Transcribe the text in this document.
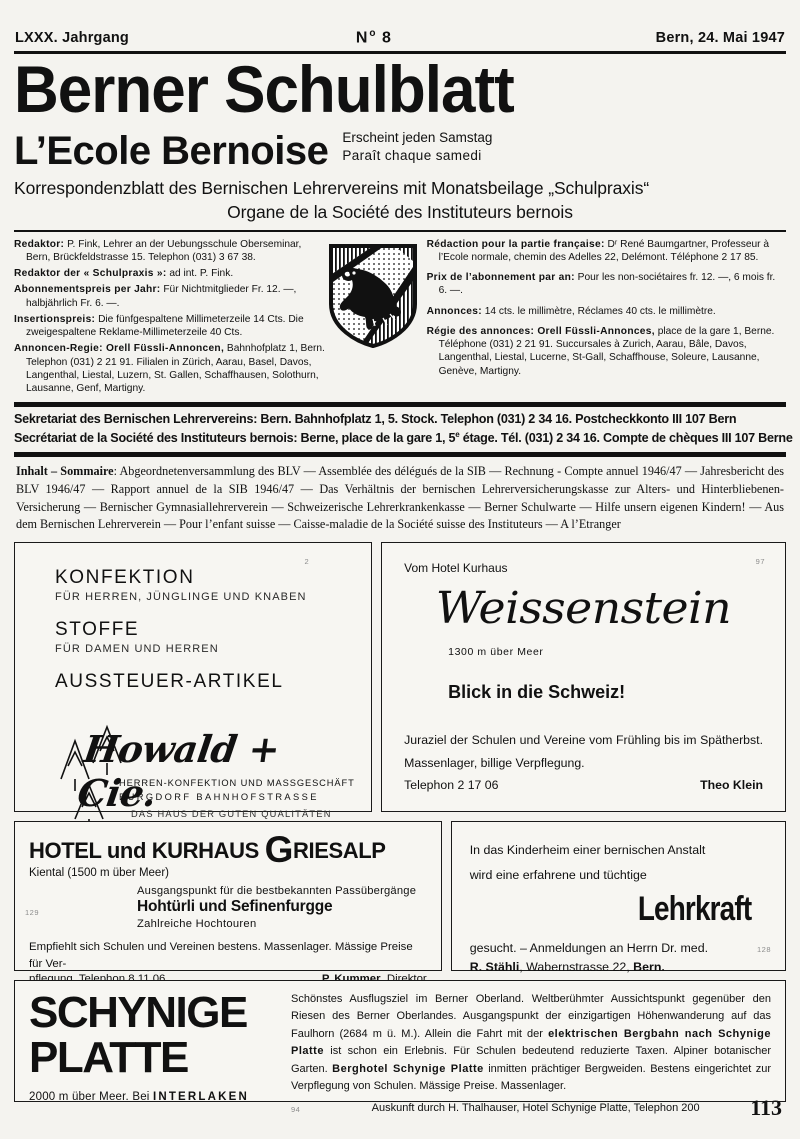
LXXX. Jahrgang	$N^o$ 8	Bern, 24. Mai 1947
Berner Schulblatt
L’Ecole Bernoise Erscheint jeden Samstag
Paraît chaque samedi
Korrespondenzblatt des Bernischen Lehrervereins mit Monatsbeilage „Schulpraxis“
Organe de la Société des Instituteurs bernois

Redaktor: P. Fink, Lehrer an der Uebungsschule Oberseminar, Bern, Brückfeldstrasse 15. Telephon (031) 3 67 38.

Redaktor der « Schulpraxis »: ad int. P. Fink.

Abonnementspreis per Jahr: Für Nichtmitglieder Fr. 12. —, halbjährlich Fr. 6. —.

Insertionspreis: Die fünfgespaltene Millimeterzeile 14 Cts. Die zweigespaltene Reklame-Millimeterzeile 40 Cts.

Annoncen-Regie: Orell Füssli-Annoncen, Bahnhofplatz 1, Bern. Telephon (031) 2 21 91. Filialen in Zürich, Aarau, Basel, Davos, Langenthal, Liestal, Luzern, St. Gallen, Schaffhausen, Solothurn, Lausanne, Genf, Martigny.

Rédaction pour la partie française: Dʳ René Baumgartner, Professeur à l’Ecole normale, chemin des Adelles 22, Delémont. Téléphone 2 17 85.

Prix de l’abonnement par an: Pour les non-sociétaires fr. 12. —, 6 mois fr. 6. —.

Annonces: 14 cts. le millimètre, Réclames 40 cts. le millimètre.

Régie des annonces: Orell Füssli-Annonces, place de la gare 1, Berne. Téléphone (031) 2 21 91. Succursales à Zurich, Aarau, Bâle, Davos, Langenthal, Liestal, Lucerne, St-Gall, Schaffhouse, Soleure, Lausanne, Genève, Martigny.

Sekretariat des Bernischen Lehrervereins: Bern. Bahnhofplatz 1, 5. Stock. Telephon (031) 2 34 16. Postcheckkonto III 107 Bern
Secrétariat de la Société des Instituteurs bernois: Berne, place de la gare 1, 5e étage. Tél. (031) 2 34 16. Compte de chèques III 107 Berne
Inhalt – Sommaire: Abgeordnetenversammlung des BLV — Assemblée des délégués de la SIB — Rechnung - Compte annuel 1946/47 — Jahresbericht des BLV 1946/47 — Rapport annuel de la SIB 1946/47 — Das Verhältnis der bernischen Lehrerversicherungskasse zur Alters- und Hinterbliebenen-Versicherung — Bernischer Gymnasiallehrerverein — Schweizerische Lehrerkrankenkasse — Berner Schulwarte — Hilfe unsern eigenen Kindern! — Aus dem Bernischen Lehrerverein — Pour l’enfant suisse — Caisse-maladie de la Société suisse des Instituteurs — A l’Etranger
2
KONFEKTION
FÜR HERREN, JÜNGLINGE UND KNABEN
STOFFE
FÜR DAMEN UND HERREN
AUSSTEUER-ARTIKEL
Howald + Cie.
HERREN-KONFEKTION UND MASSGESCHÄFT
BURGDORF BAHNHOFSTRASSE
DAS HAUS DER GUTEN QUALITÄTEN
97
Vom Hotel Kurhaus
Weissenstein
1300 m über Meer
Blick in die Schweiz!
Juraziel der Schulen und Vereine vom Frühling bis im Spätherbst. Massenlager, billige Verpflegung.
Telephon 2 17 06	Theo Klein
129
HOTEL und KURHAUS GRIESALP
Kiental (1500 m über Meer)
Ausgangspunkt für die bestbekannten Passübergänge
Hohtürli und Sefinenfurgge
Zahlreiche Hochtouren
Empfiehlt sich Schulen und Vereinen bestens. Massenlager. Mässige Preise für Ver-
128
In das Kinderheim einer bernischen Anstalt
wird eine erfahrene und tüchtige
Lehrkraft
gesucht. – Anmeldungen an Herrn Dr. med.
R. Stähli, Wabernstrasse 22, Bern.
SCHYNIGE
PLATTE
2000 m über Meer. Bei INTERLAKEN
Schönstes Ausflugsziel im Berner Oberland. Weltberühmter Aussichtspunkt gegenüber den Riesen des Berner Oberlandes. Ausgangspunkt der einzigartigen Höhenwanderung auf das Faulhorn (2684 m ü. M.). Allein die Fahrt mit der elektrischen Bergbahn nach Schynige Platte ist schon ein Erlebnis. Für Schulen bedeutend reduzierte Taxen. Alpiner botanischer Garten. Berghotel Schynige Platte inmitten prächtiger Bergweiden. Bestens eingerichtet zur Verpflegung von Schulen. Mässige Preise. Massenlager.
94	Auskunft durch H. Thalhauser, Hotel Schynige Platte, Telephon 200	113
